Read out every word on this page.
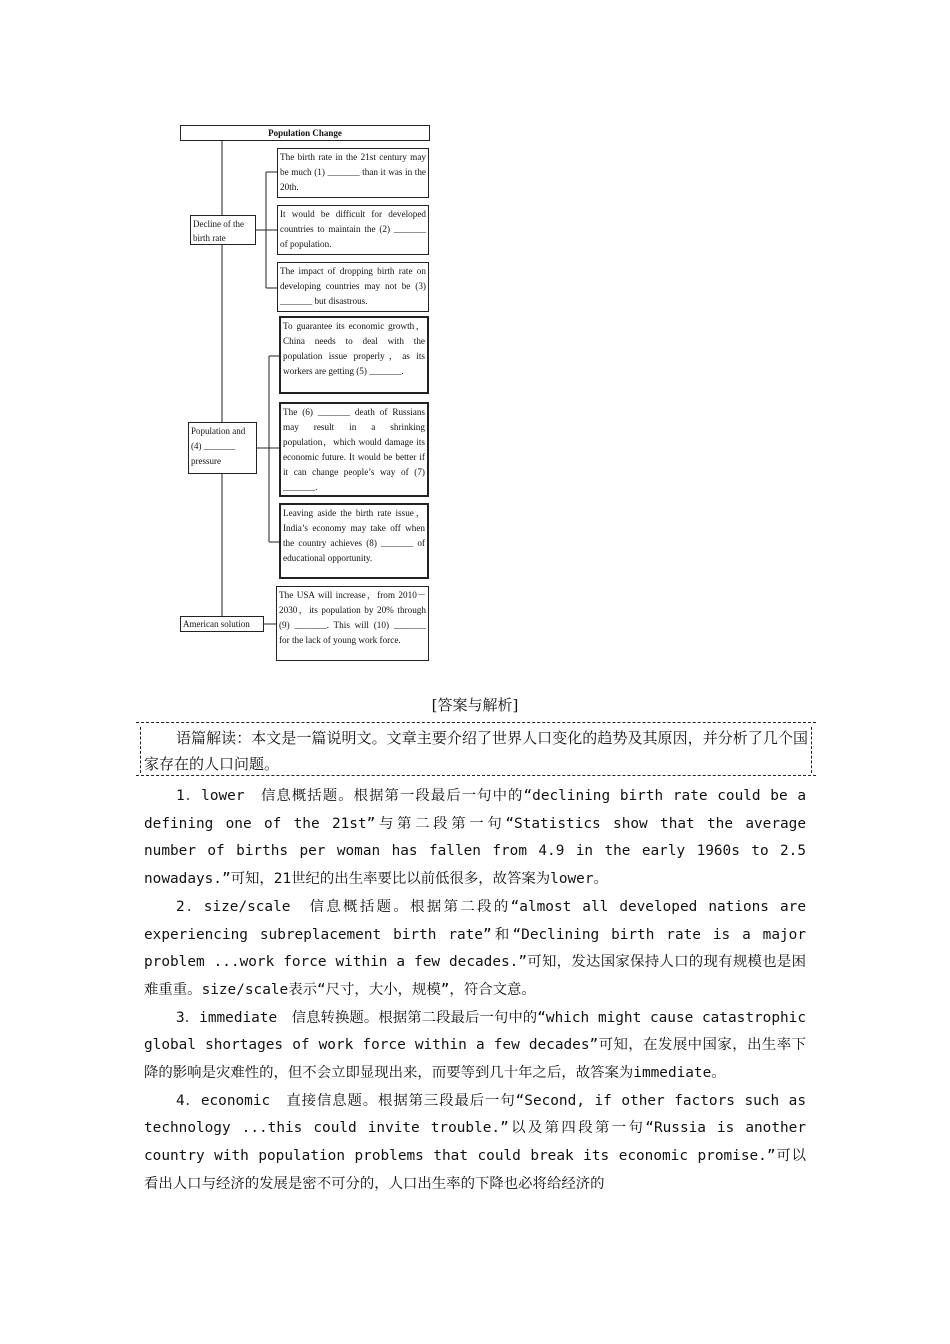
Population Change
Decline of the birth rate
Population and (4) _______ pressure
American solution
The birth rate in the 21st century may be much (1) _______ than it was in the 20th.
It would be difficult for developed countries to maintain the (2) _______ of population.
The impact of dropping birth rate on developing countries may not be (3) _______ but disastrous.
To guarantee its economic growth，China needs to deal with the population issue properly，as its workers are getting (5) _______.
The (6) _______ death of Russians may result in a shrinking population，which would damage its economic future. It would be better if it can change people’s way of (7) _______.
Leaving aside the birth rate issue，India’s economy may take off when the country achieves (8) _______ of educational opportunity.
The USA will increase，from 2010－2030，its population by 20% through (9) _______. This will (10) _______ for the lack of young work force.
[答案与解析]

语篇解读：本文是一篇说明文。文章主要介绍了世界人口变化的趋势及其原因，并分析了几个国家存在的人口问题。

1．lower　信息概括题。根据第一段最后一句中的“declining birth rate could be a defining one of the 21st”与第二段第一句“Statistics show that the average number of births per woman has fallen from 4.9 in the early 1960s to 2.5 nowadays.”可知，21世纪的出生率要比以前低很多，故答案为lower。

2．size/scale　信息概括题。根据第二段的“almost all developed nations are experiencing subreplacement birth rate”和“Declining birth rate is a major problem ...work force within a few decades.”可知，发达国家保持人口的现有规模也是困难重重。size/scale表示“尺寸，大小，规模”，符合文意。

3．immediate　信息转换题。根据第二段最后一句中的“which might cause catastrophic global shortages of work force within a few decades”可知，在发展中国家，出生率下降的影响是灾难性的，但不会立即显现出来，而要等到几十年之后，故答案为immediate。

4．economic　直接信息题。根据第三段最后一句“Second, if other factors such as technology ...this could invite trouble.”以及第四段第一句“Russia is another country with population problems that could break its economic promise.”可以看出人口与经济的发展是密不可分的，人口出生率的下降也必将给经济的
